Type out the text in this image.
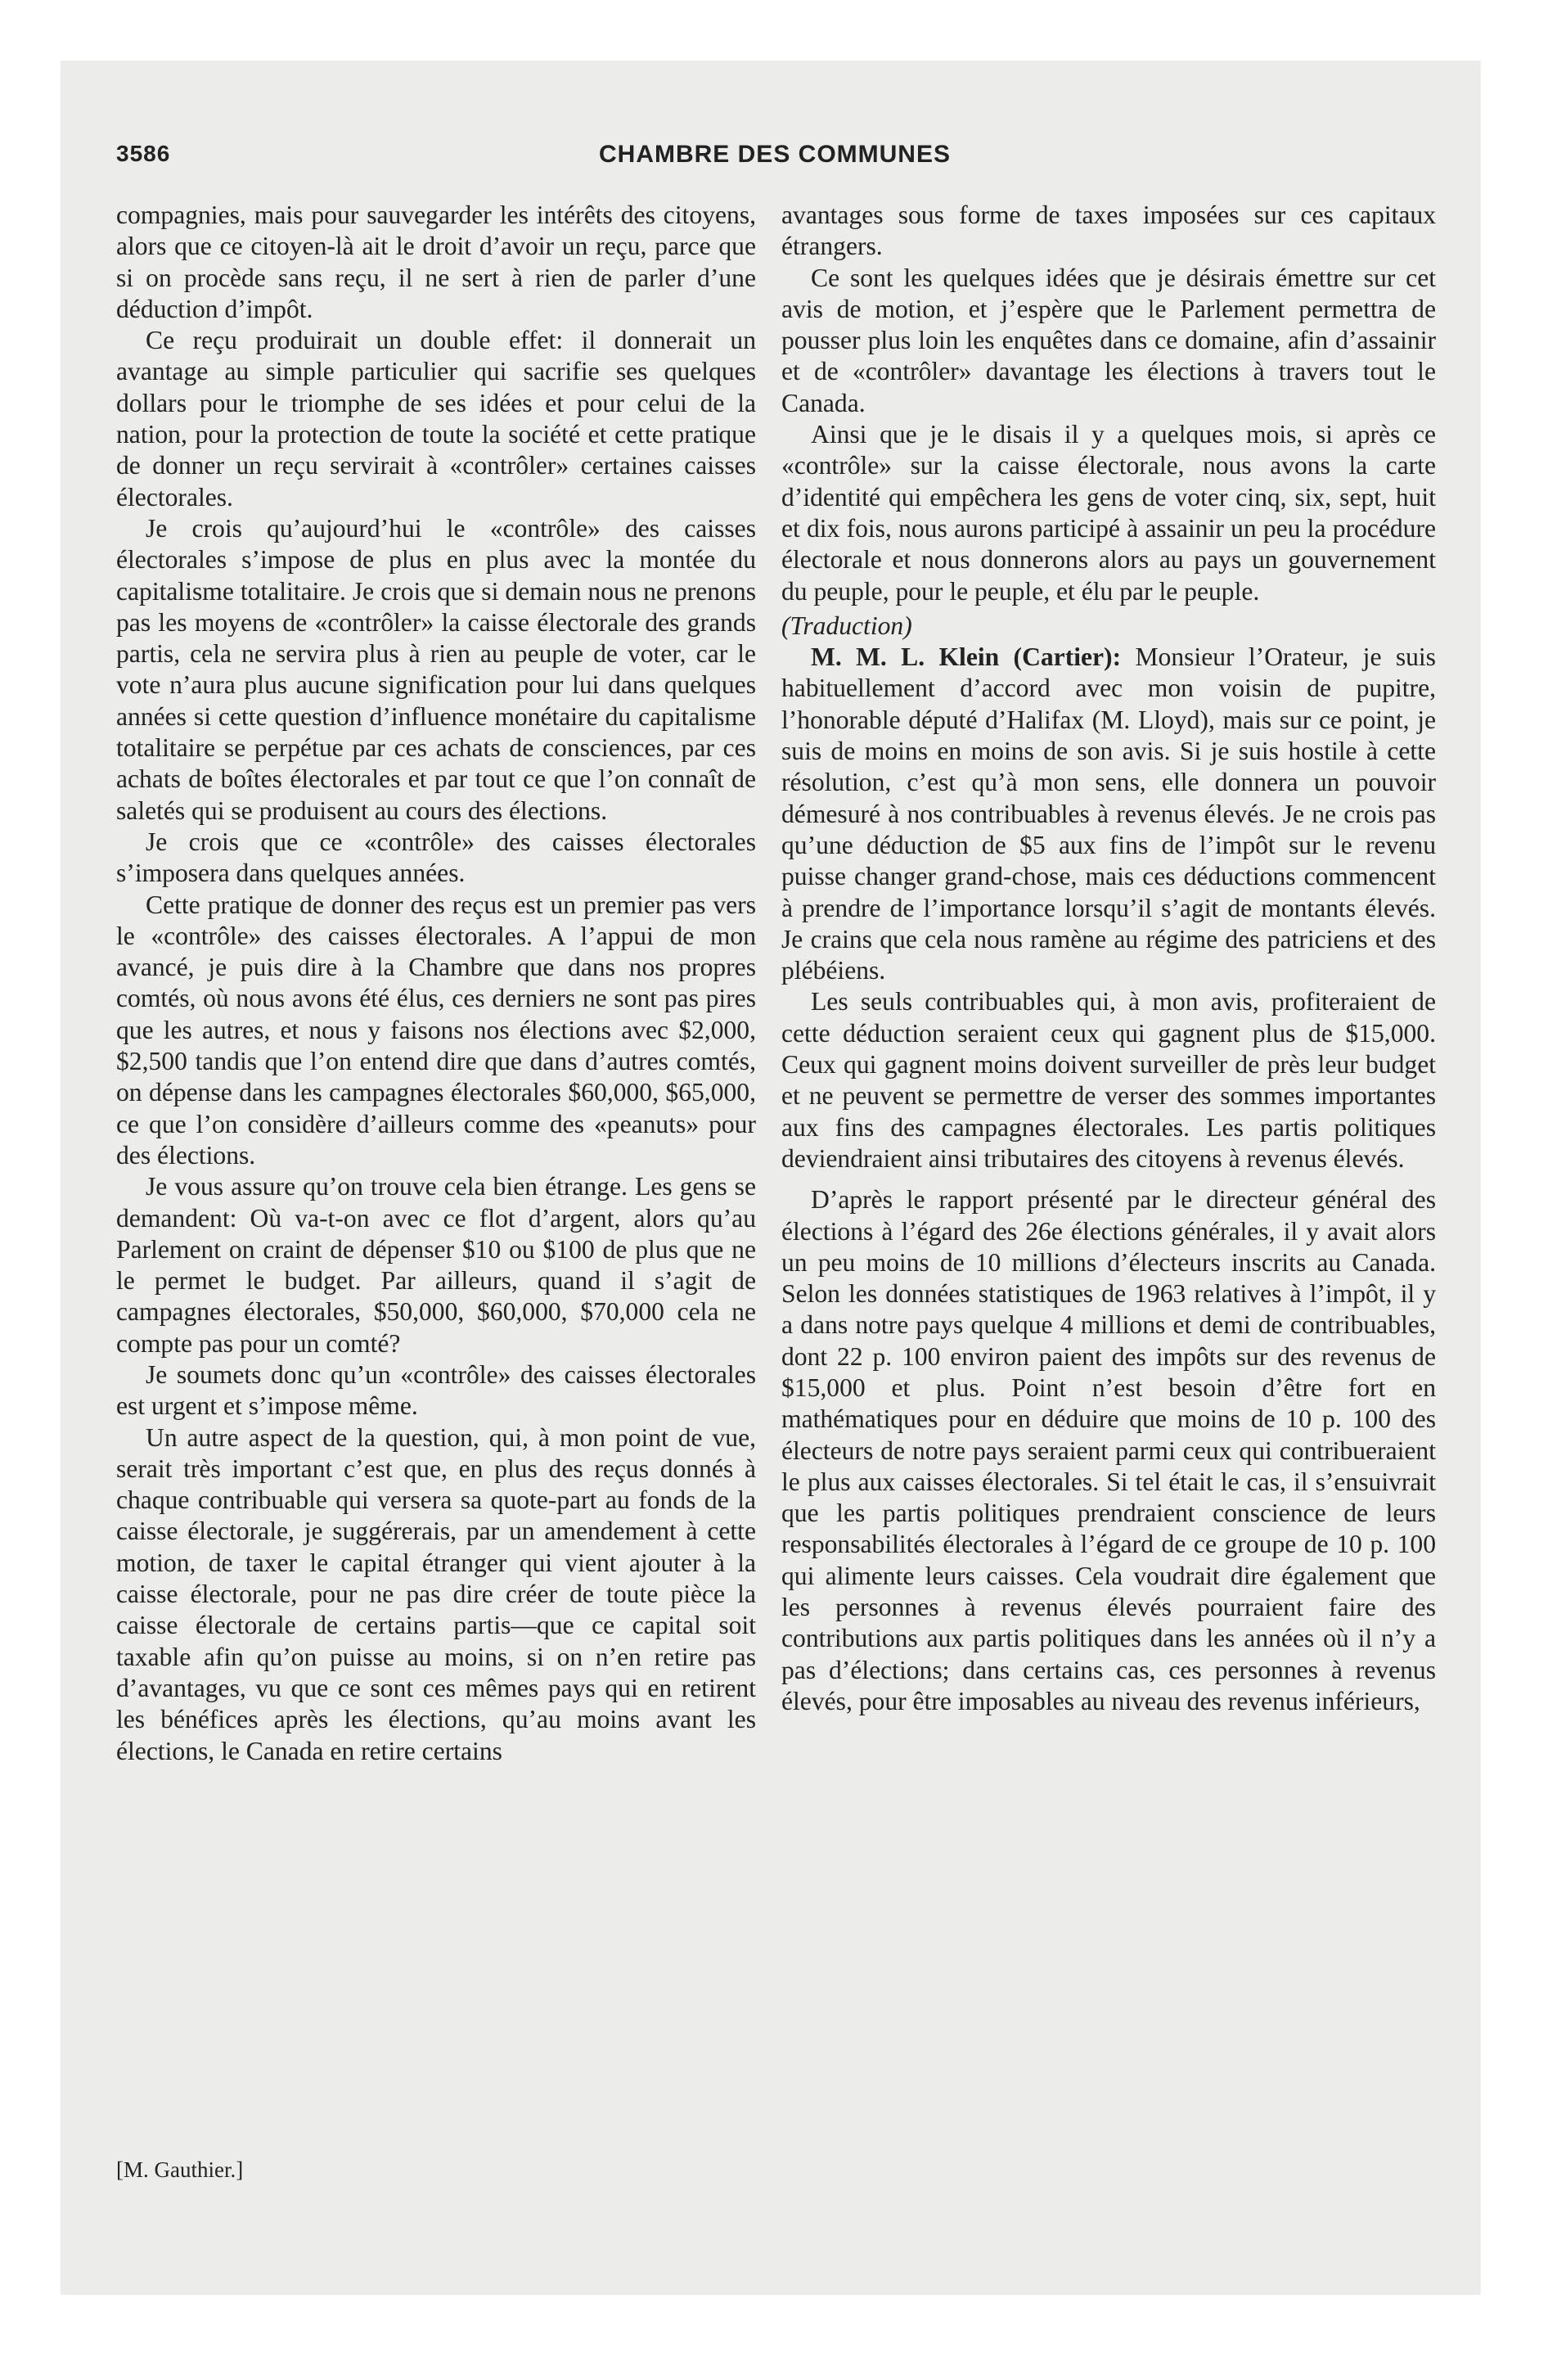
3586	CHAMBRE DES COMMUNES

compagnies, mais pour sauvegarder les intérêts des citoyens, alors que ce citoyen-là ait le droit d’avoir un reçu, parce que si on procède sans reçu, il ne sert à rien de parler d’une déduction d’impôt.

Ce reçu produirait un double effet: il donnerait un avantage au simple particulier qui sacrifie ses quelques dollars pour le triomphe de ses idées et pour celui de la nation, pour la protection de toute la société et cette pratique de donner un reçu servirait à «contrôler» certaines caisses électorales.

Je crois qu’aujourd’hui le «contrôle» des caisses électorales s’impose de plus en plus avec la montée du capitalisme totalitaire. Je crois que si demain nous ne prenons pas les moyens de «contrôler» la caisse électorale des grands partis, cela ne servira plus à rien au peuple de voter, car le vote n’aura plus aucune signification pour lui dans quelques années si cette question d’influence monétaire du capitalisme totalitaire se perpétue par ces achats de consciences, par ces achats de boîtes électorales et par tout ce que l’on connaît de saletés qui se produisent au cours des élections.

Je crois que ce «contrôle» des caisses électorales s’imposera dans quelques années.

Cette pratique de donner des reçus est un premier pas vers le «contrôle» des caisses électorales. A l’appui de mon avancé, je puis dire à la Chambre que dans nos propres comtés, où nous avons été élus, ces derniers ne sont pas pires que les autres, et nous y faisons nos élections avec $2,000, $2,500 tandis que l’on entend dire que dans d’autres comtés, on dépense dans les campagnes électorales $60,000, $65,000, ce que l’on considère d’ailleurs comme des «peanuts» pour des élections.

Je vous assure qu’on trouve cela bien étrange. Les gens se demandent: Où va-t-on avec ce flot d’argent, alors qu’au Parlement on craint de dépenser $10 ou $100 de plus que ne le permet le budget. Par ailleurs, quand il s’agit de campagnes électorales, $50,000, $60,000, $70,000 cela ne compte pas pour un comté?

Je soumets donc qu’un «contrôle» des caisses électorales est urgent et s’impose même.

Un autre aspect de la question, qui, à mon point de vue, serait très important c’est que, en plus des reçus donnés à chaque contribuable qui versera sa quote-part au fonds de la caisse électorale, je suggérerais, par un amendement à cette motion, de taxer le capital étranger qui vient ajouter à la caisse électorale, pour ne pas dire créer de toute pièce la caisse électorale de certains partis—que ce capital soit taxable afin qu’on puisse au moins, si on n’en retire pas d’avantages, vu que ce sont ces mêmes pays qui en retirent les bénéfices après les élections, qu’au moins avant les élections, le Canada en retire certains

avantages sous forme de taxes imposées sur ces capitaux étrangers.

Ce sont les quelques idées que je désirais émettre sur cet avis de motion, et j’espère que le Parlement permettra de pousser plus loin les enquêtes dans ce domaine, afin d’assainir et de «contrôler» davantage les élections à travers tout le Canada.

Ainsi que je le disais il y a quelques mois, si après ce «contrôle» sur la caisse électorale, nous avons la carte d’identité qui empêchera les gens de voter cinq, six, sept, huit et dix fois, nous aurons participé à assainir un peu la procédure électorale et nous donnerons alors au pays un gouvernement du peuple, pour le peuple, et élu par le peuple.

(Traduction)

M. M. L. Klein (Cartier): Monsieur l’Orateur, je suis habituellement d’accord avec mon voisin de pupitre, l’honorable député d’Halifax (M. Lloyd), mais sur ce point, je suis de moins en moins de son avis. Si je suis hostile à cette résolution, c’est qu’à mon sens, elle donnera un pouvoir démesuré à nos contribuables à revenus élevés. Je ne crois pas qu’une déduction de $5 aux fins de l’impôt sur le revenu puisse changer grand-chose, mais ces déductions commencent à prendre de l’importance lorsqu’il s’agit de montants élevés. Je crains que cela nous ramène au régime des patriciens et des plébéiens.

Les seuls contribuables qui, à mon avis, profiteraient de cette déduction seraient ceux qui gagnent plus de $15,000. Ceux qui gagnent moins doivent surveiller de près leur budget et ne peuvent se permettre de verser des sommes importantes aux fins des campagnes électorales. Les partis politiques deviendraient ainsi tributaires des citoyens à revenus élevés.

D’après le rapport présenté par le directeur général des élections à l’égard des 26e élections générales, il y avait alors un peu moins de 10 millions d’électeurs inscrits au Canada. Selon les données statistiques de 1963 relatives à l’impôt, il y a dans notre pays quelque 4 millions et demi de contribuables, dont 22 p. 100 environ paient des impôts sur des revenus de $15,000 et plus. Point n’est besoin d’être fort en mathématiques pour en déduire que moins de 10 p. 100 des électeurs de notre pays seraient parmi ceux qui contribueraient le plus aux caisses électorales. Si tel était le cas, il s’ensuivrait que les partis politiques prendraient conscience de leurs responsabilités électorales à l’égard de ce groupe de 10 p. 100 qui alimente leurs caisses. Cela voudrait dire également que les personnes à revenus élevés pourraient faire des contributions aux partis politiques dans les années où il n’y a pas d’élections; dans certains cas, ces personnes à revenus élevés, pour être imposables au niveau des revenus inférieurs,

[M. Gauthier.]
